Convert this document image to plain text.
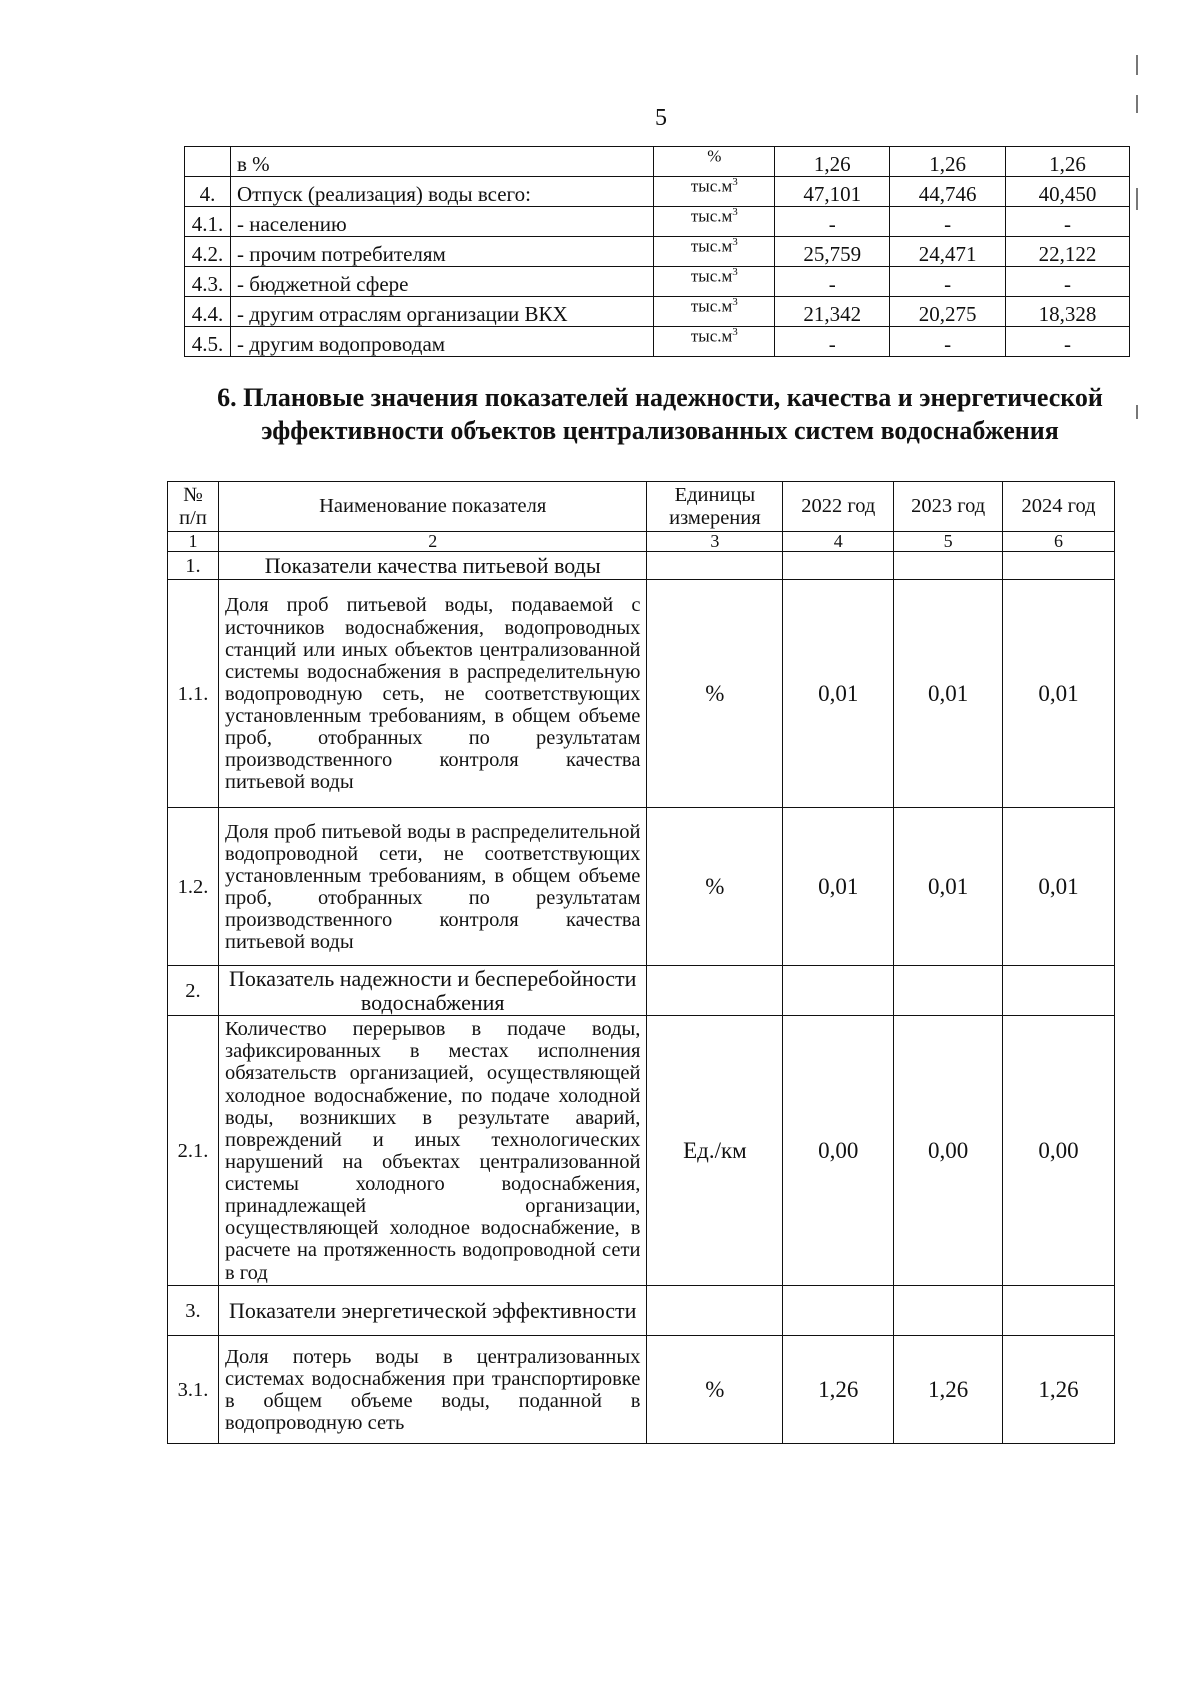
5
	в %	%	1,26	1,26	1,26
4.	Отпуск (реализация) воды всего:	$тыс.м^3$	47,101	44,746	40,450
4.1.	- населению	$тыс.м^3$	-	-	-
4.2.	- прочим потребителям	$тыс.м^3$	25,759	24,471	22,122
4.3.	- бюджетной сфере	$тыс.м^3$	-	-	-
4.4.	- другим отраслям организации ВКХ	$тыс.м^3$	21,342	20,275	18,328
4.5.	- другим водопроводам	$тыс.м^3$	-	-	-
6. Плановые значения показателей надежности, качества и энергетической эффективности объектов централизованных систем водоснабжения
№ п/п	Наименование показателя	Единицы измерения	2022 год	2023 год	2024 год
1	2	3	4	5	6
1.	Показатели качества питьевой воды				
1.1.	Доля проб питьевой воды, подаваемой с источников водоснабжения, водопроводных станций или иных объектов централизованной системы водоснабжения в распределительную водопроводную сеть, не соответствующих установленным требованиям, в общем объеме проб, отобранных по результатам производственного контроля качества питьевой воды	%	0,01	0,01	0,01
1.2.	Доля проб питьевой воды в распределительной водопроводной сети, не соответствующих установленным требованиям, в общем объеме проб, отобранных по результатам производственного контроля качества питьевой воды	%	0,01	0,01	0,01
2.	Показатель надежности и бесперебойности водоснабжения				
2.1.	Количество перерывов в подаче воды, зафиксированных в местах исполнения обязательств организацией, осуществляющей холодное водоснабжение, по подаче холодной воды, возникших в результате аварий, повреждений и иных технологических нарушений на объектах централизованной системы холодного водоснабжения, принадлежащей организации, осуществляющей холодное водоснабжение, в расчете на протяженность водопроводной сети в год	Ед./км	0,00	0,00	0,00
3.	Показатели энергетической эффективности				
3.1.	Доля потерь воды в централизованных системах водоснабжения при транспортировке в общем объеме воды, поданной в водопроводную сеть	%	1,26	1,26	1,26
